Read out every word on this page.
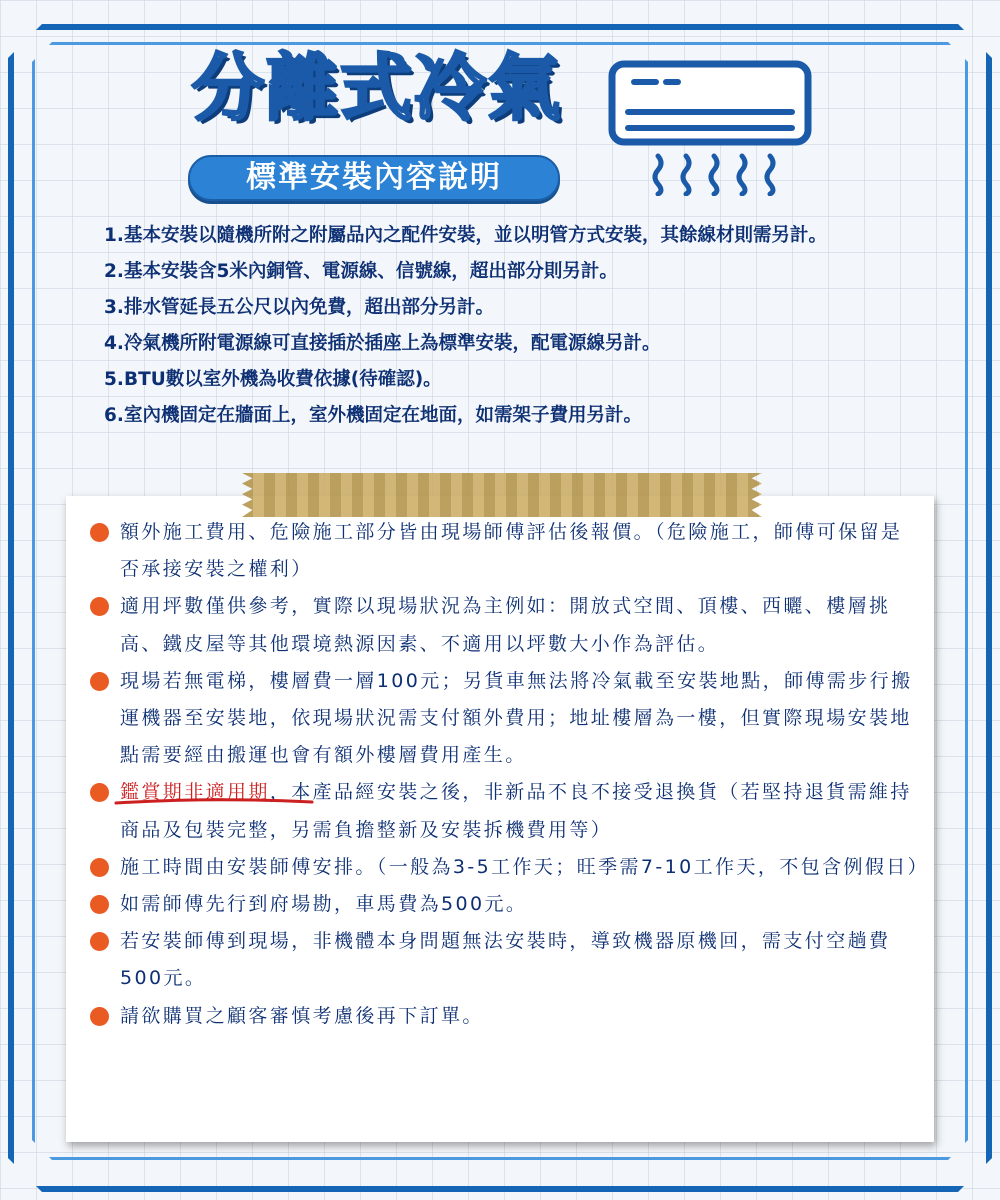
分離式冷氣
標準安裝內容說明
1. 基本安裝以隨機所附之附屬品內之配件安裝，並以明管方式安裝，其餘線材則需另計。
2. 基本安裝含5米內銅管、電源線、信號線，超出部分則另計。
3. 排水管延長五公尺以內免費，超出部分另計。
4. 冷氣機所附電源線可直接插於插座上為標準安裝，配電源線另計。
5. BTU數以室外機為收費依據(待確認)。
6. 室內機固定在牆面上，室外機固定在地面，如需架子費用另計。
額外施工費用、危險施工部分皆由現場師傅評估後報價。（危險施工，師傅可保留是否承接安裝之權利）
適用坪數僅供參考，實際以現場狀況為主例如：開放式空間、頂樓、西曬、樓層挑高、鐵皮屋等其他環境熱源因素、不適用以坪數大小作為評估。
現場若無電梯，樓層費一層100元；另貨車無法將冷氣載至安裝地點，師傅需步行搬運機器至安裝地，依現場狀況需支付額外費用；地址樓層為一樓，但實際現場安裝地點需要經由搬運也會有額外樓層費用產生。
鑑賞期非適用期
，本產品經安裝之後，非新品不良不接受退換貨（若堅持退貨需維持商品及包裝完整，另需負擔整新及安裝拆機費用等）
施工時間由安裝師傅安排。（一般為3-5工作天；旺季需7-10工作天，不包含例假日）
如需師傅先行到府場勘，車馬費為500元。
若安裝師傅到現場，非機體本身問題無法安裝時，導致機器原機回，需支付空趟費500元。
請欲購買之顧客審慎考慮後再下訂單。
